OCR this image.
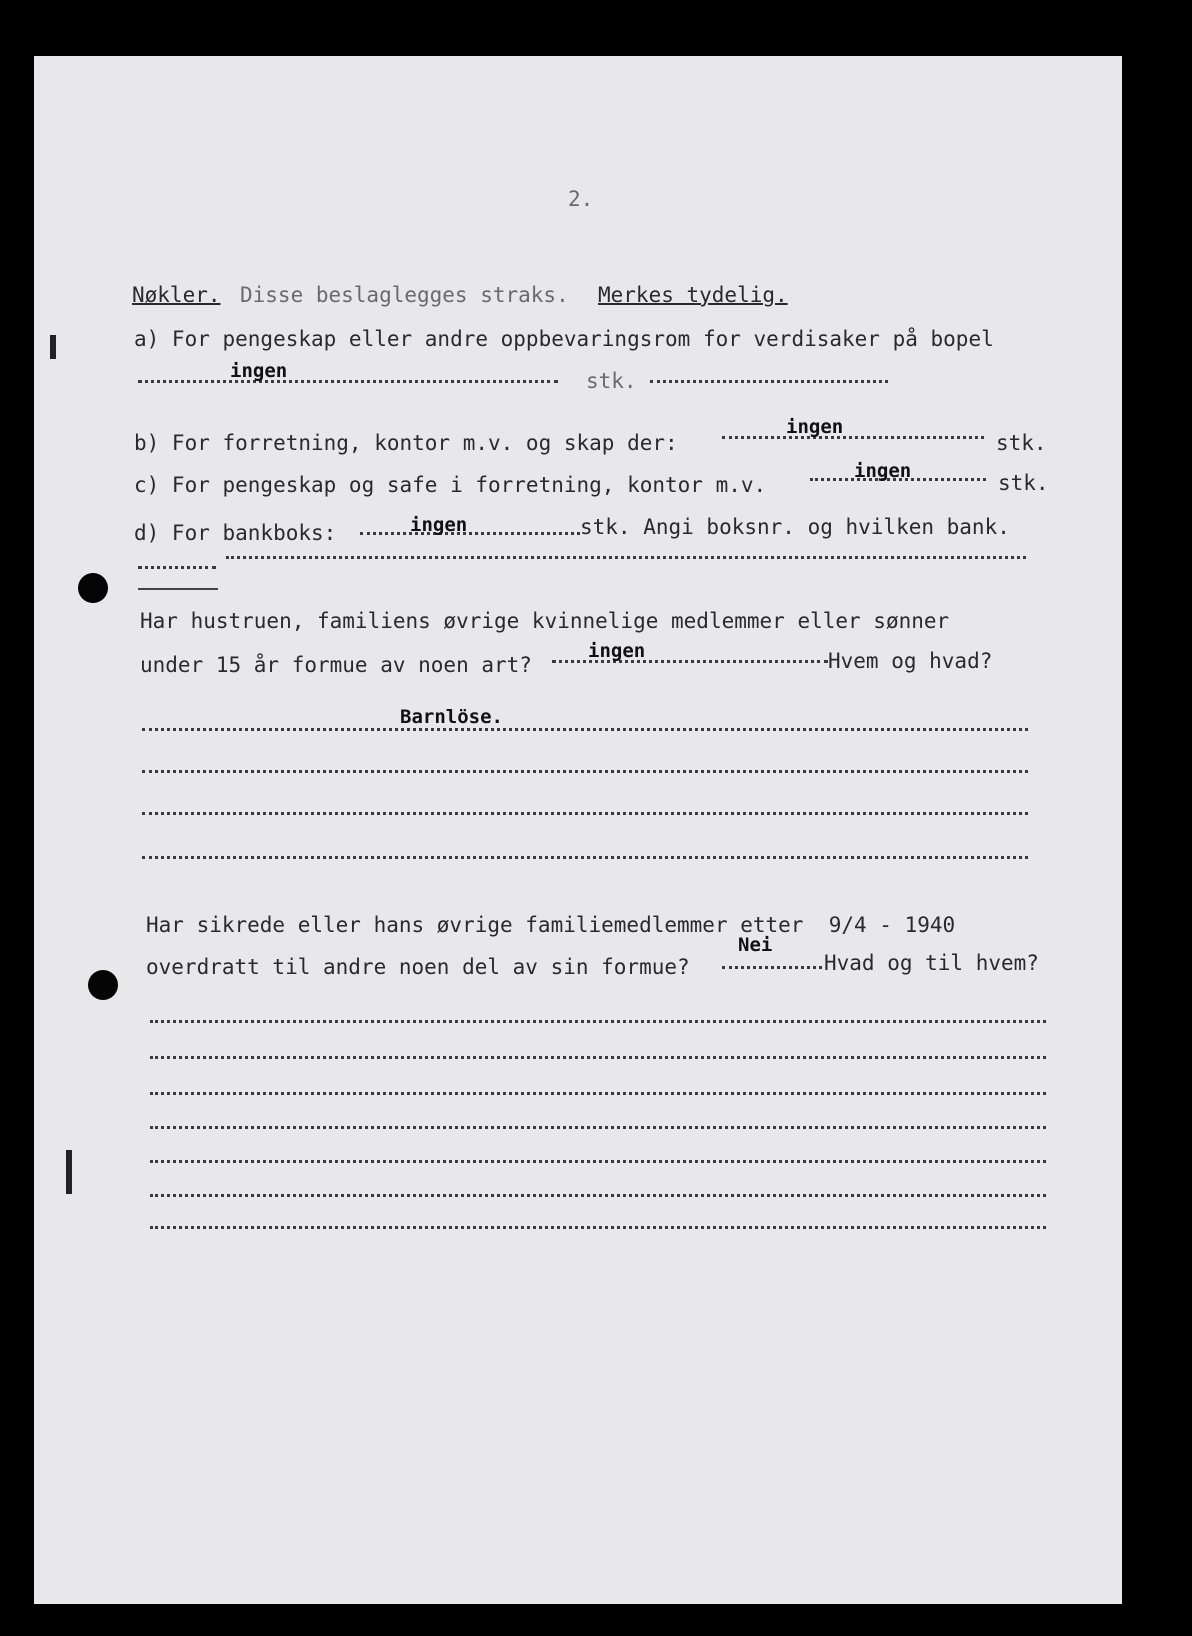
2.
Nøkler. Disse beslaglegges straks. Merkes tydelig.
a) For pengeskap eller andre oppbevaringsrom for verdisaker på bopel
ingen	stk.
b) For forretning, kontor m.v. og skap der:
ingen
stk.
c) For pengeskap og safe i forretning, kontor m.v.
ingen	stk.
d) For bankboks:	ingen	stk. Angi boksnr. og hvilken bank.
Har hustruen, familiens øvrige kvinnelige medlemmer eller sønner
under 15 år formue av noen art?
ingen	Hvem og hvad?
Barnlöse.
Har sikrede eller hans øvrige familiemedlemmer etter  9/4 - 1940
overdratt til andre noen del av sin formue?
Nei
Hvad og til hvem?
